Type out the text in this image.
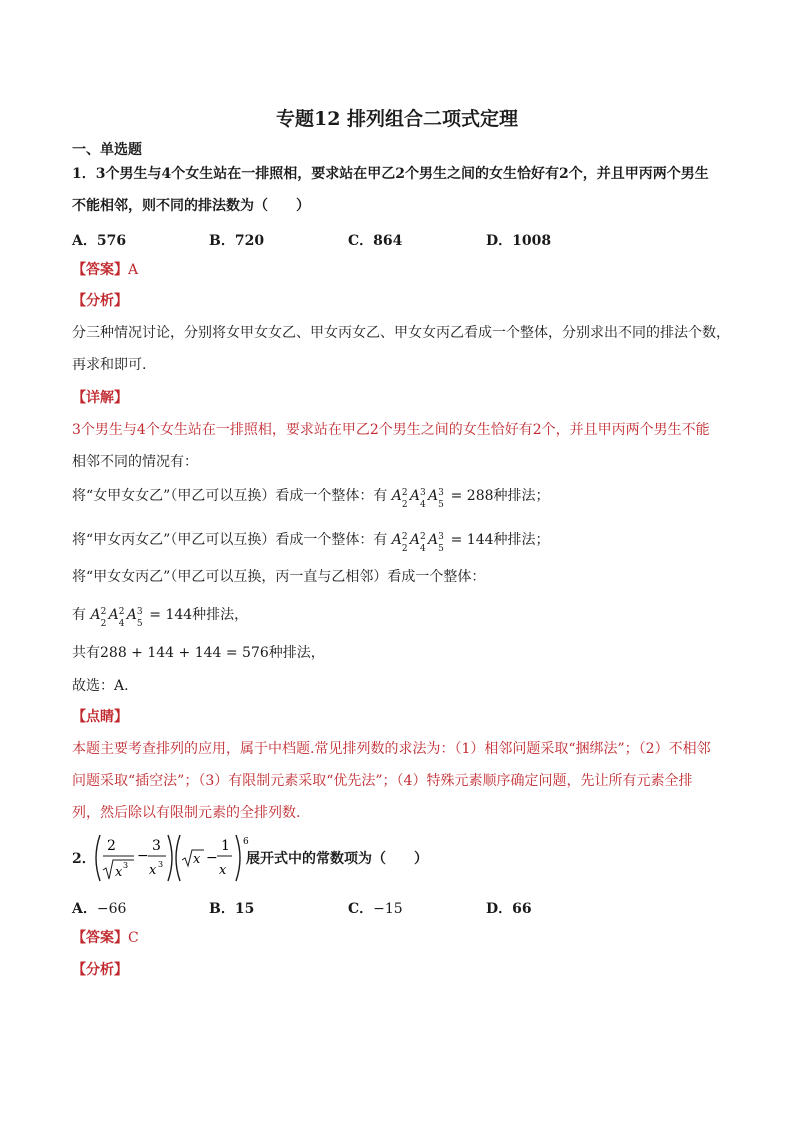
专题12 排列组合二项式定理
一、单选题
1．3个男生与4个女生站在一排照相，要求站在甲乙2个男生之间的女生恰好有2个，并且甲丙两个男生
不能相邻，则不同的排法数为（　　）
A．576	B．720	C．864	D．1008
【答案】A
【分析】
分三种情况讨论，分别将女甲女女乙、甲女丙女乙、甲女女丙乙看成一个整体，分别求出不同的排法个数，
再求和即可.
【详解】
3个男生与4个女生站在一排照相，要求站在甲乙2个男生之间的女生恰好有2个，并且甲丙两个男生不能
相邻不同的情况有：
将“女甲女女乙”（甲乙可以互换）看成一个整体：有 A 2
2
A 3
4
A 3
5
= 288种排法；
将“甲女丙女乙”（甲乙可以互换）看成一个整体：有 A 2
2
A 2
4
A 3
5
= 144种排法；
将“甲女女丙乙”（甲乙可以互换，丙一直与乙相邻）看成一个整体：
有 A 2
2
A 2
4
A 3
5
= 144种排法，
共有288 + 144 + 144 = 576种排法，
故选：A.
【点睛】
本题主要考查排列的应用，属于中档题.常见排列数的求法为：（1）相邻问题采取“捆绑法”；（2）不相邻
问题采取“插空法”；（3）有限制元素采取“优先法”；（4）特殊元素顺序确定问题，先让所有元素全排
列，然后除以有限制元素的全排列数.
2．
2
x 3
−
3
x 3 x −
1
x
6
展开式中的常数项为（　　）
A．−66	B．15	C．−15	D．66
【答案】C
【分析】
